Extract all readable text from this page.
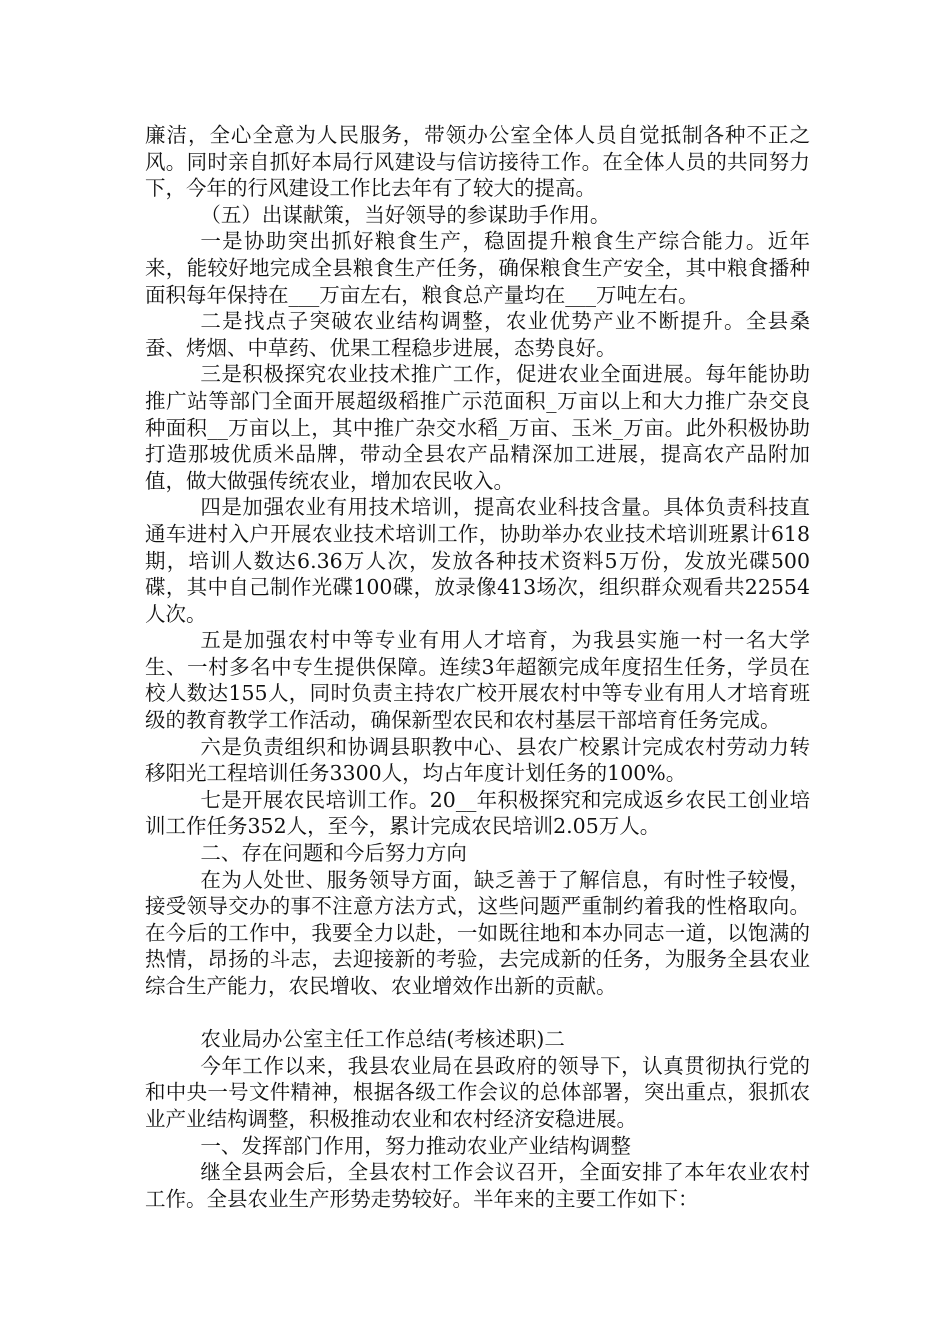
廉洁，全心全意为人民服务，带领办公室全体人员自觉抵制各种不正之风。同时亲自抓好本局行风建设与信访接待工作。在全体人员的共同努力下，今年的行风建设工作比去年有了较大的提高。

（五）出谋献策，当好领导的参谋助手作用。

一是协助突出抓好粮食生产，稳固提升粮食生产综合能力。近年来，能较好地完成全县粮食生产任务，确保粮食生产安全，其中粮食播种面积每年保持在___万亩左右，粮食总产量均在___万吨左右。

二是找点子突破农业结构调整，农业优势产业不断提升。全县桑蚕、烤烟、中草药、优果工程稳步进展，态势良好。

三是积极探究农业技术推广工作，促进农业全面进展。每年能协助推广站等部门全面开展超级稻推广示范面积_万亩以上和大力推广杂交良种面积__万亩以上，其中推广杂交水稻_万亩、玉米_万亩。此外积极协助打造那坡优质米品牌，带动全县农产品精深加工进展，提高农产品附加值，做大做强传统农业，增加农民收入。

四是加强农业有用技术培训，提高农业科技含量。具体负责科技直通车进村入户开展农业技术培训工作，协助举办农业技术培训班累计618期，培训人数达6.36万人次，发放各种技术资料5万份，发放光碟500碟，其中自己制作光碟100碟，放录像413场次，组织群众观看共22554人次。

五是加强农村中等专业有用人才培育，为我县实施一村一名大学生、一村多名中专生提供保障。连续3年超额完成年度招生任务，学员在校人数达155人，同时负责主持农广校开展农村中等专业有用人才培育班级的教育教学工作活动，确保新型农民和农村基层干部培育任务完成。

六是负责组织和协调县职教中心、县农广校累计完成农村劳动力转移阳光工程培训任务3300人，均占年度计划任务的100%。

七是开展农民培训工作。20__年积极探究和完成返乡农民工创业培训工作任务352人，至今，累计完成农民培训2.05万人。

二、存在问题和今后努力方向

在为人处世、服务领导方面，缺乏善于了解信息，有时性子较慢，接受领导交办的事不注意方法方式，这些问题严重制约着我的性格取向。在今后的工作中，我要全力以赴，一如既往地和本办同志一道，以饱满的热情，昂扬的斗志，去迎接新的考验，去完成新的任务，为服务全县农业综合生产能力，农民增收、农业增效作出新的贡献。

农业局办公室主任工作总结(考核述职)二

今年工作以来，我县农业局在县政府的领导下，认真贯彻执行党的和中央一号文件精神，根据各级工作会议的总体部署，突出重点，狠抓农业产业结构调整，积极推动农业和农村经济安稳进展。

一、发挥部门作用，努力推动农业产业结构调整

继全县两会后，全县农村工作会议召开，全面安排了本年农业农村工作。全县农业生产形势走势较好。半年来的主要工作如下：
